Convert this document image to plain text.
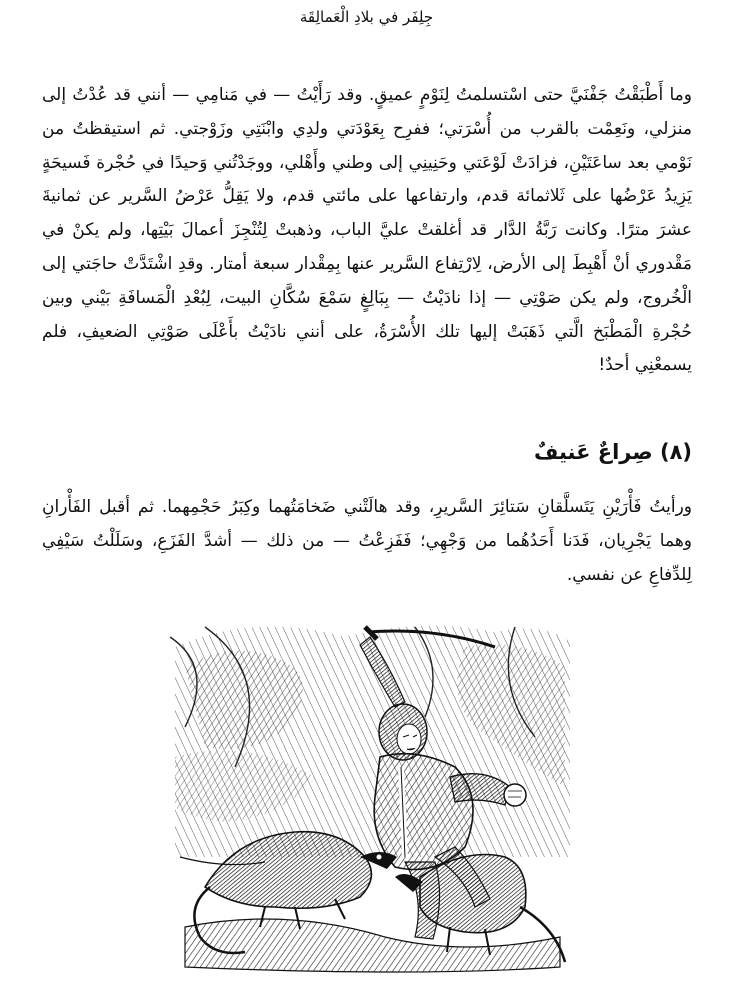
جِلِفَر في بلادِ الْعَمالِقَة

وما أَطْبَقْتُ جَفْنَيَّ حتى اسْتسلمتُ لِنَوْمٍ عميقٍ. وقد رَأَيْتُ — في مَنامِي — أنني قد عُدْتُ إلى منزلي، ونَعِمْت بالقرب من أُسْرَتي؛ ففرِح بِعَوْدَتي ولدِي وابْنَتِي وزَوْجتي. ثم استيقظتُ من نَوْمي بعد ساعَتَيْنِ، فزادَتْ لَوْعَتي وحَنِينِي إلى وطني وأَهْلي، ووجَدْتُني وَحيدًا في حُجْرة فَسيحَةٍ يَزِيدُ عَرْضُها على ثَلاثمائة قدم، وارتفاعها على مائتي قدم، ولا يَقِلُّ عَرْضُ السَّرير عن ثمانيةَ عشرَ مترًا. وكانت رَبَّةُ الدَّار قد أغلقتْ عليَّ الباب، وذهبتْ لِتُنْجِزَ أعمالَ بَيْتِها، ولم يكنْ في مَقْدوري أنْ أَهْبِطَ إلى الأرض، لِارْتِفاع السَّرير عنها بِمِقْدار سبعة أمتار. وقدِ اشْتَدَّتْ حاجَتي إلى الْخُروج، ولم يكن صَوْتِي — إذا نادَيْتُ — بِبَالِغٍ سَمْعَ سُكَّانِ البيت، لِبُعْدِ الْمَسافَةِ بَيْني وبين حُجْرةِ الْمَطْبَخ الَّتي ذَهَبَتْ إليها تلك الأُسْرَةُ، على أنني نادَيْتُ بأَعْلَى صَوْتِي الضعيفِ، فلم يسمعْنِي أحدٌ!

(٨) صِراعٌ عَنيفٌ

ورأيتُ فَأْرَيْنِ يَتَسلَّقانِ سَتائِرَ السَّريرِ، وقد هالَتْني ضَخامَتُهما وكِبَرُ حَجْمِهما. ثم أقبل الفَأْرانِ وهما يَجْرِيان، فَدَنا أَحَدُهُما من وَجْهِي؛ فَفَزِعْتُ — من ذلك — أشدَّ الفَزَعِ، وسَلَلْتُ سَيْفِي لِلدِّفاعِ عن نفسي.
